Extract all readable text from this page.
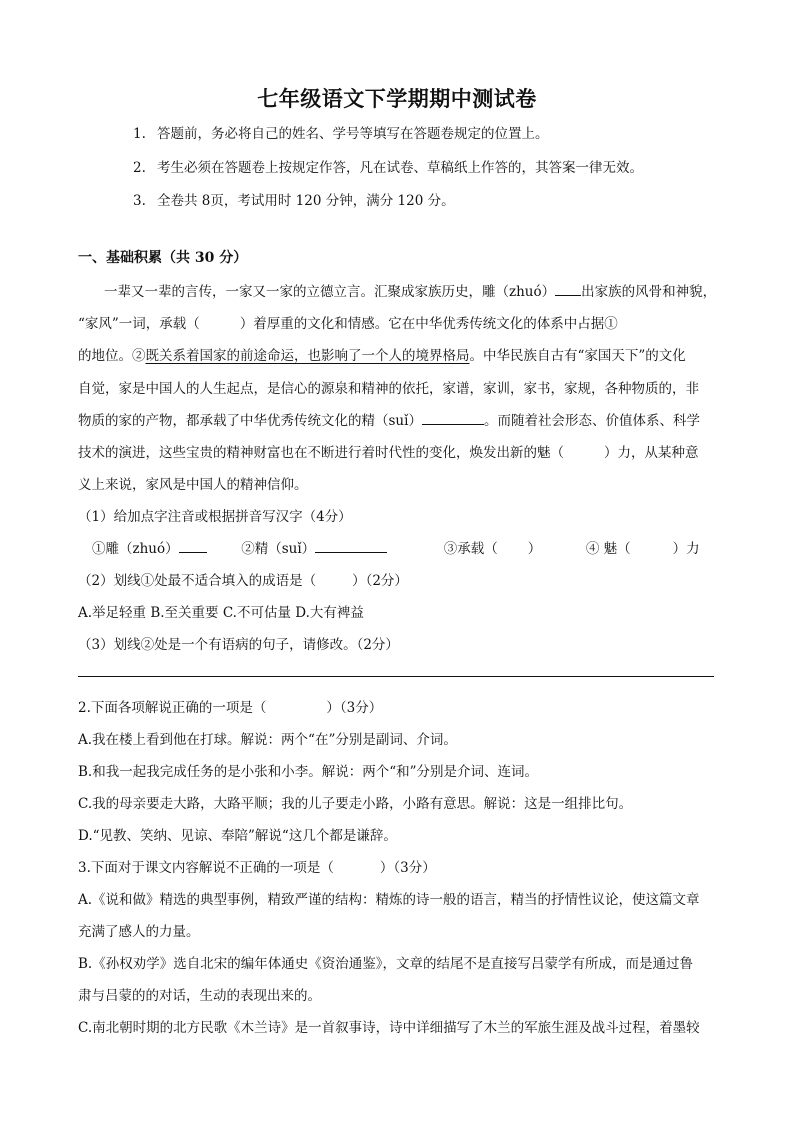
七年级语文下学期期中测试卷
1. 答题前，务必将自己的姓名、学号等填写在答题卷规定的位置上。
2. 考生必须在答题卷上按规定作答，凡在试卷、草稿纸上作答的，其答案一律无效。
3. 全卷共 8页，考试用时 120 分钟，满分 120 分。
一、基础积累（共 30 分）
一辈又一辈的言传，一家又一家的立德立言。汇聚成家族历史，雕（zhuó） 出家族的风骨和神貌，
“家风”一词，承载（	）着厚重的文化和情感。它在中华优秀传统文化的体系中占据①
的地位。②既关系着国家的前途命运，也影响了一个人的境界格局。中华民族自古有“家国天下”的文化
自觉，家是中国人的人生起点，是信心的源泉和精神的依托，家谱，家训，家书，家规，各种物质的，非
物质的家的产物，都承载了中华优秀传统文化的精（suǐ）	。而随着社会形态、价值体系、科学
技术的演进，这些宝贵的精神财富也在不断进行着时代性的变化，焕发出新的魅（	）力，从某种意
义上来说，家风是中国人的精神信仰。
（1）给加点字注音或根据拼音写汉字（4分）
①雕（zhuó）	②精（suǐ）	③承载（ ）	④ 魅（	）力
（2）划线①处最不适合填入的成语是（	）（2分）
A.举足轻重 B.至关重要 C.不可估量 D.大有裨益
（3）划线②处是一个有语病的句子，请修改。（2分）
2.下面各项解说正确的一项是（	）（3分）
A.我在楼上看到他在打球。解说：两个“在”分别是副词、介词。
B.和我一起我完成任务的是小张和小李。解说：两个“和”分别是介词、连词。
C.我的母亲要走大路，大路平顺；我的儿子要走小路，小路有意思。解说：这是一组排比句。
D.“见教、笑纳、见谅、奉陪”解说“这几个都是谦辞。
3.下面对于课文内容解说不正确的一项是（	）（3分）
A.《说和做》精选的典型事例，精致严谨的结构：精炼的诗一般的语言，精当的抒情性议论，使这篇文章
充满了感人的力量。
B.《孙权劝学》选自北宋的编年体通史《资治通鉴》，文章的结尾不是直接写吕蒙学有所成，而是通过鲁
肃与吕蒙的的对话，生动的表现出来的。
C.南北朝时期的北方民歌《木兰诗》是一首叙事诗，诗中详细描写了木兰的军旅生涯及战斗过程，着墨较
